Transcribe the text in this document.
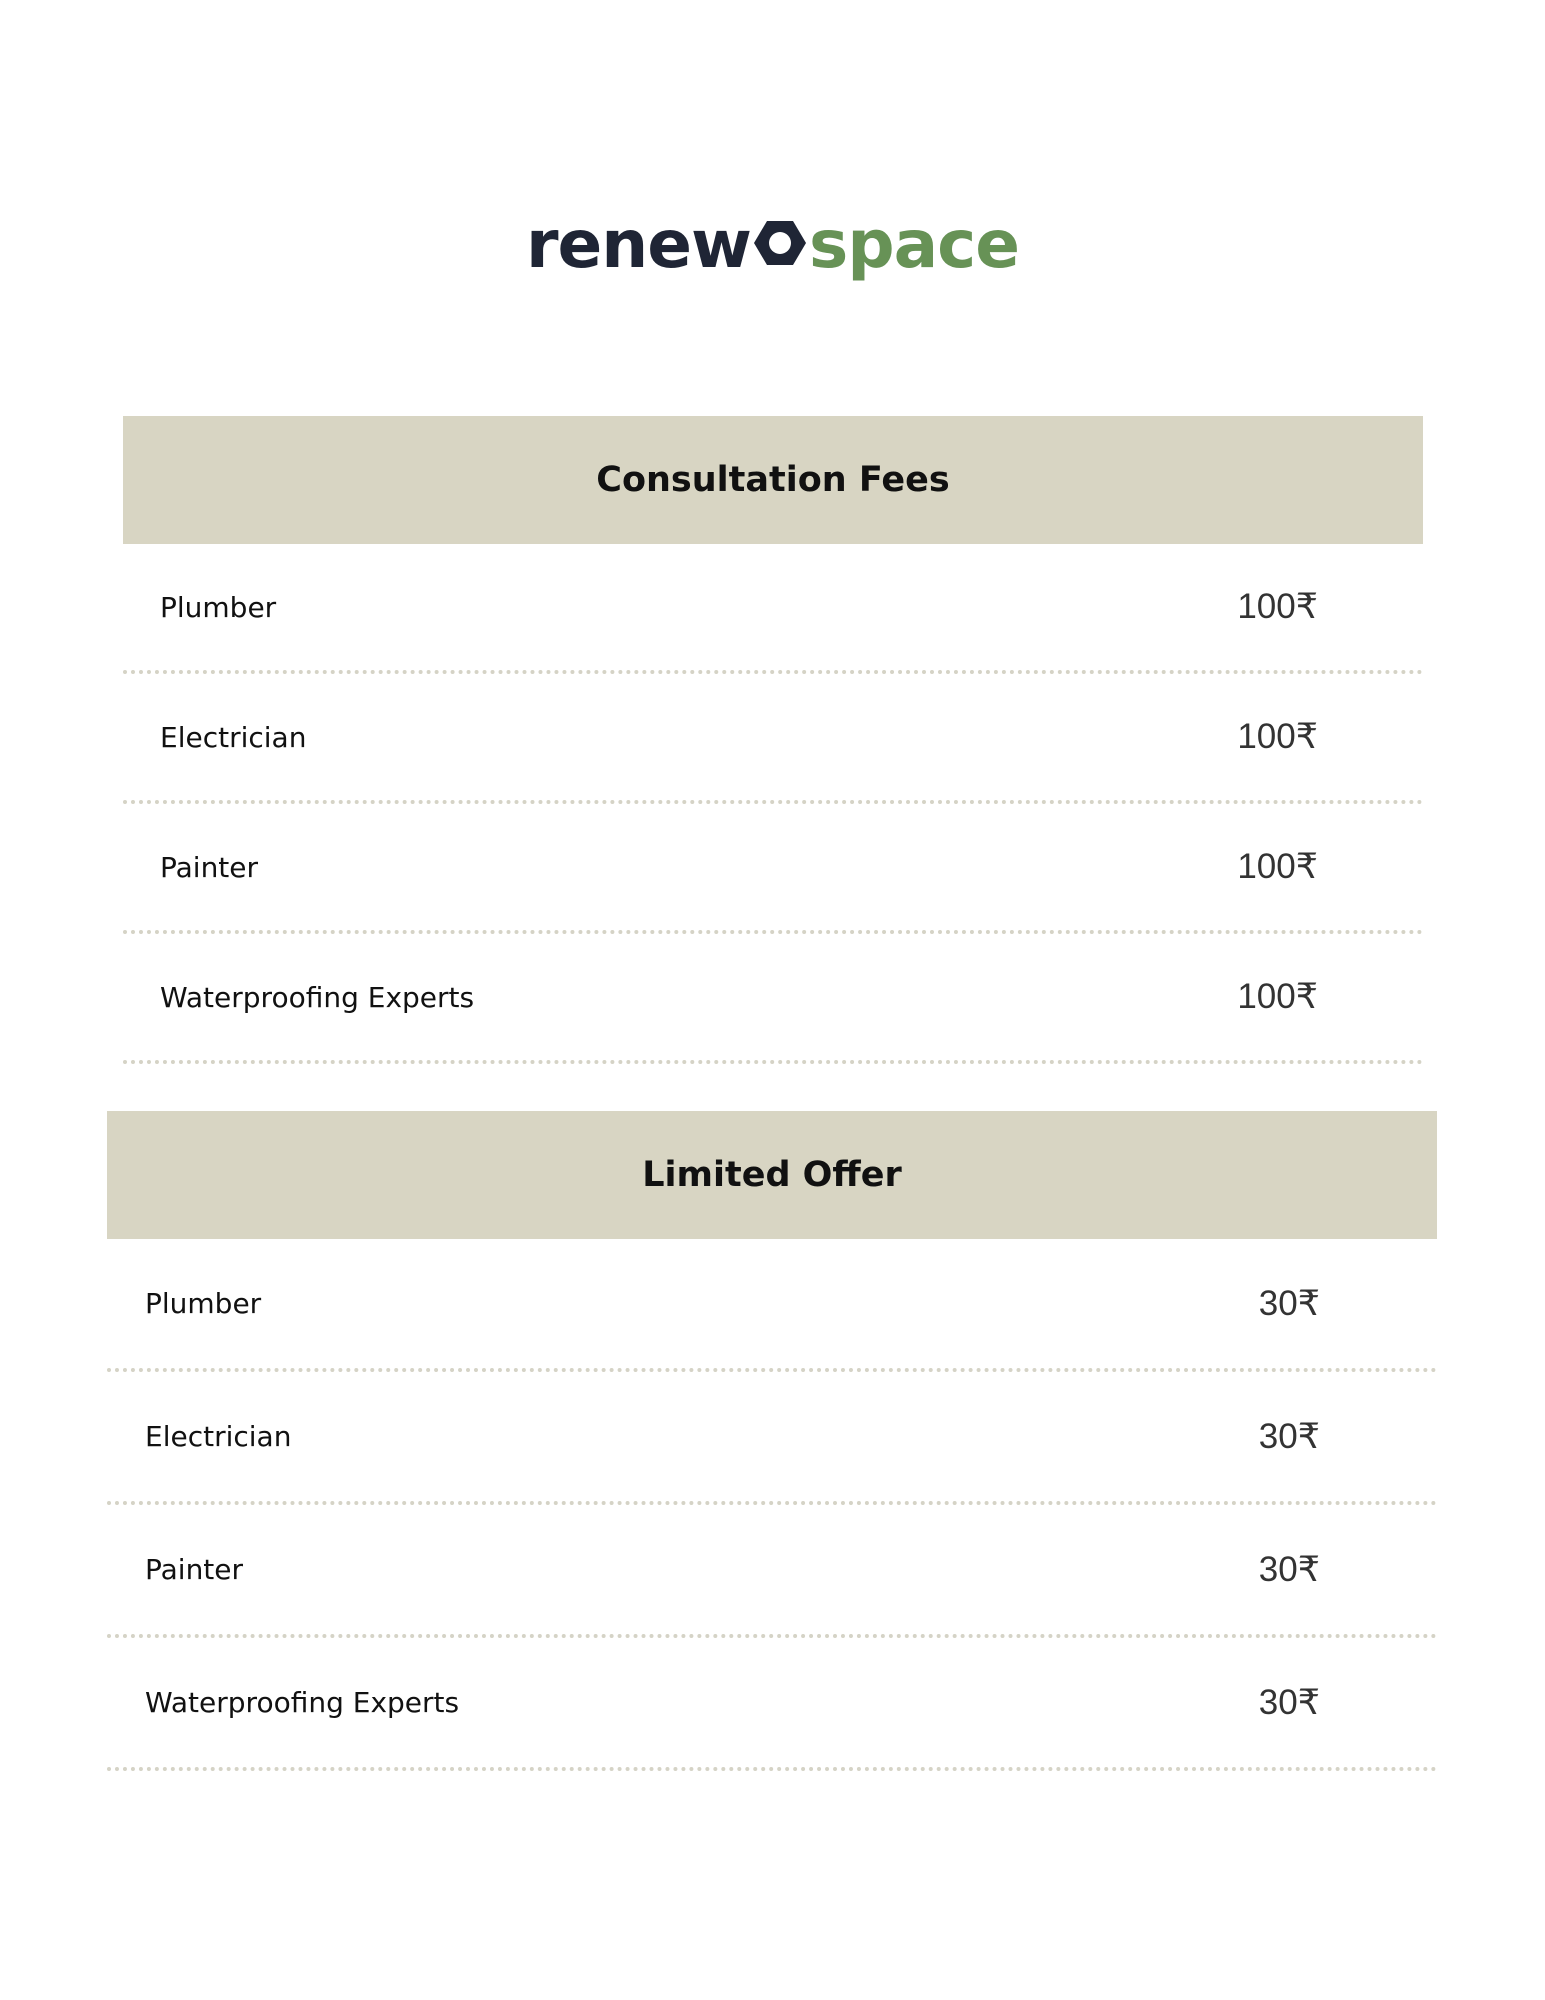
renew space
Consultation Fees
Plumber	100₹
Electrician	100₹
Painter	100₹
Waterproofing Experts	100₹
Limited Offer
Plumber	30₹
Electrician	30₹
Painter	30₹
Waterproofing Experts	30₹
